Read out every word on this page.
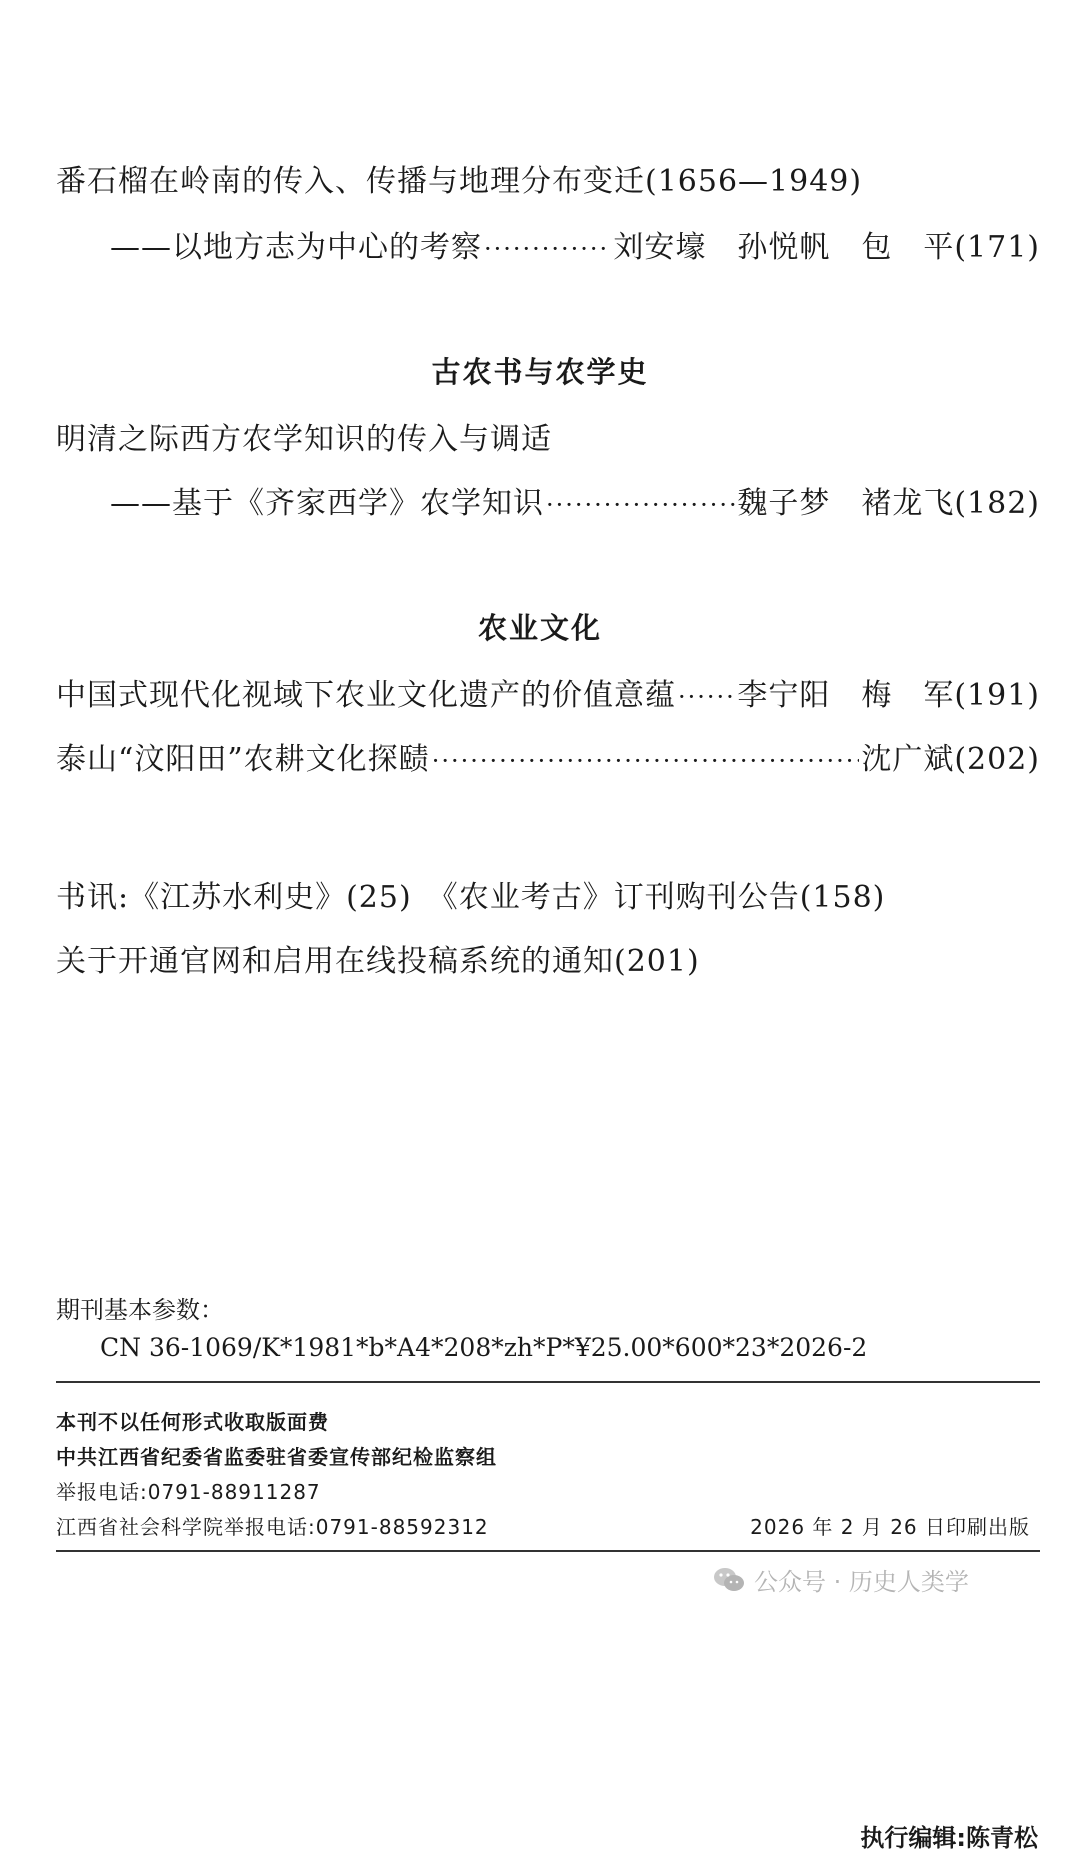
番石榴在岭南的传入、传播与地理分布变迁(1656—1949)
——以地方志为中心的考察 ·····	刘安壕　孙悦帆　包　平 (171)
古农书与农学史
明清之际西方农学知识的传入与调适
——基于《齐家西学》农学知识 ·····	魏子梦　褚龙飞 (182)
农业文化
中国式现代化视域下农业文化遗产的价值意蕴 ····· 李宁阳　梅　军 (191)
泰山“汶阳田”农耕文化探赜 ·····	沈广斌 (202)
书讯:《江苏水利史》(25)　《农业考古》订刊购刊公告(158)
关于开通官网和启用在线投稿系统的通知(201)
期刊基本参数：
CN 36-1069/K*1981*b*A4*208*zh*P*¥25.00*600*23*2026-2
本刊不以任何形式收取版面费
中共江西省纪委省监委驻省委宣传部纪检监察组
举报电话:0791-88911287
江西省社会科学院举报电话:0791-88592312	2026 年 2 月 26 日印刷出版
公众号 · 历史人类学
执行编辑:陈青松
